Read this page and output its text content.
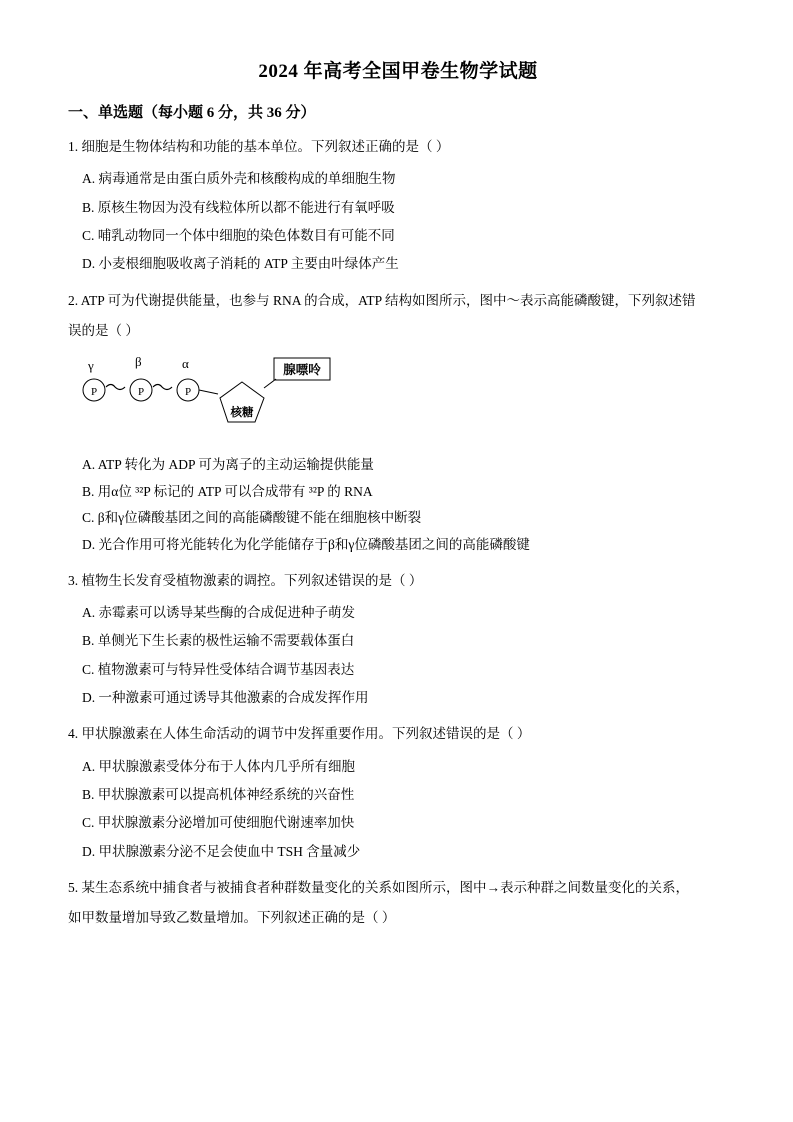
2024 年高考全国甲卷生物学试题
一、单选题（每小题 6 分，共 36 分）
1. 细胞是生物体结构和功能的基本单位。下列叙述正确的是（ ）
A. 病毒通常是由蛋白质外壳和核酸构成的单细胞生物
B. 原核生物因为没有线粒体所以都不能进行有氧呼吸
C. 哺乳动物同一个体中细胞的染色体数目有可能不同
D. 小麦根细胞吸收离子消耗的 ATP 主要由叶绿体产生
2. ATP 可为代谢提供能量，也参与 RNA 的合成，ATP 结构如图所示，图中～表示高能磷酸键，下列叙述错
误的是（ ）
γ	β	α
P	P	P
核糖
腺嘌呤
A. ATP 转化为 ADP 可为离子的主动运输提供能量
B. 用α位 ³²P 标记的 ATP 可以合成带有 ³²P 的 RNA
C. β和γ位磷酸基团之间的高能磷酸键不能在细胞核中断裂
D. 光合作用可将光能转化为化学能储存于β和γ位磷酸基团之间的高能磷酸键
3. 植物生长发育受植物激素的调控。下列叙述错误的是（ ）
A. 赤霉素可以诱导某些酶的合成促进种子萌发
B. 单侧光下生长素的极性运输不需要载体蛋白
C. 植物激素可与特异性受体结合调节基因表达
D. 一种激素可通过诱导其他激素的合成发挥作用
4. 甲状腺激素在人体生命活动的调节中发挥重要作用。下列叙述错误的是（ ）
A. 甲状腺激素受体分布于人体内几乎所有细胞
B. 甲状腺激素可以提高机体神经系统的兴奋性
C. 甲状腺激素分泌增加可使细胞代谢速率加快
D. 甲状腺激素分泌不足会使血中 TSH 含量减少
5. 某生态系统中捕食者与被捕食者种群数量变化的关系如图所示，图中→表示种群之间数量变化的关系，
如甲数量增加导致乙数量增加。下列叙述正确的是（ ）
